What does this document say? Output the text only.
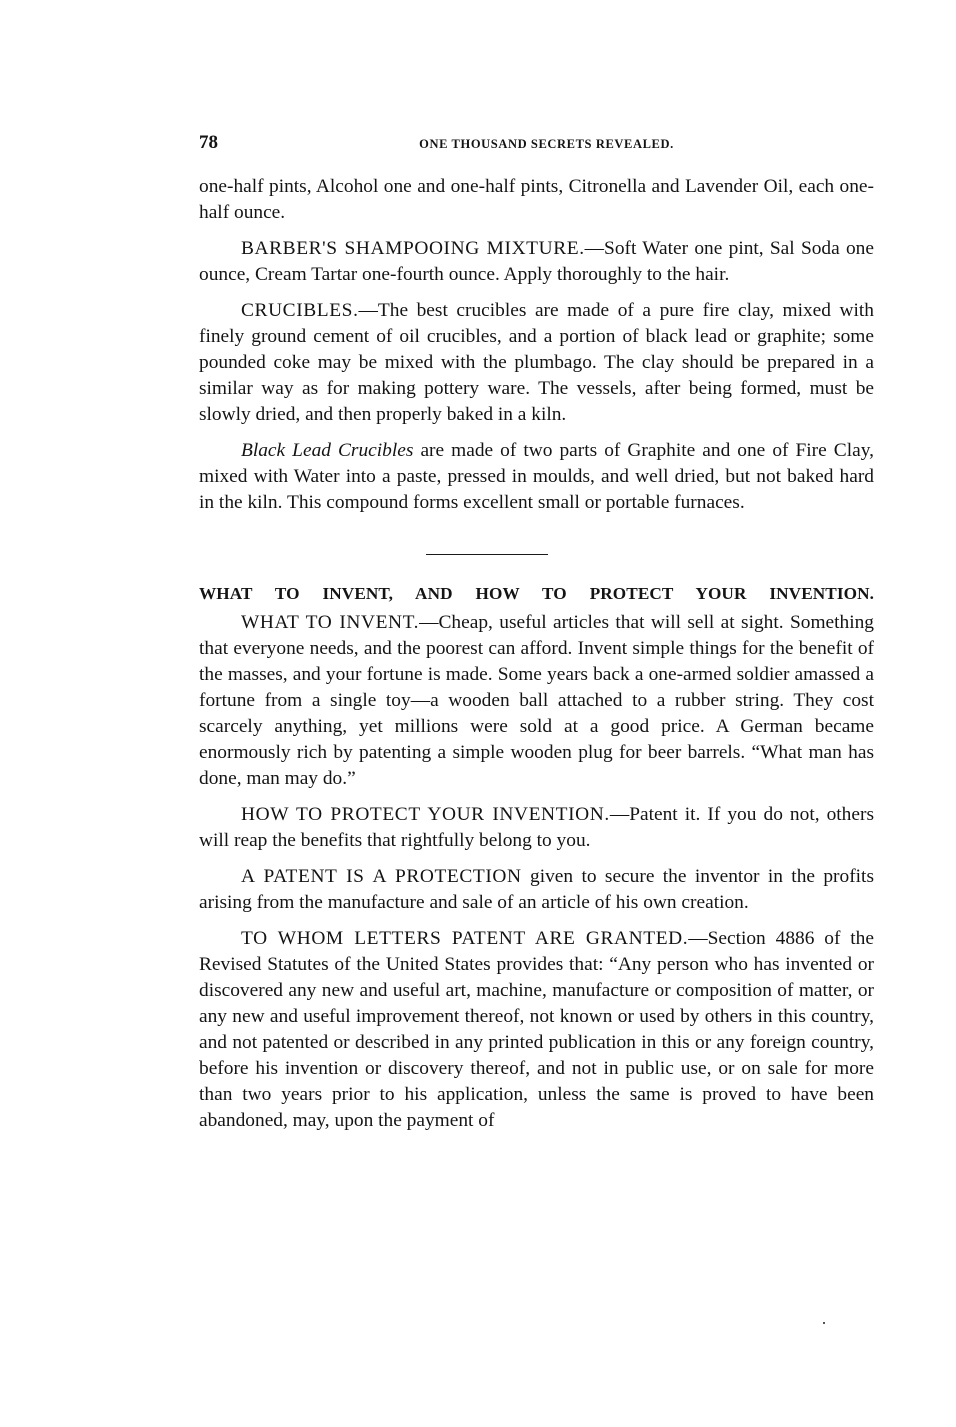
78	ONE THOUSAND SECRETS REVEALED.

one-half pints, Alcohol one and one-half pints, Citronella and Lavender Oil, each one-half ounce.

BARBER'S SHAMPOOING MIXTURE.—Soft Water one pint, Sal Soda one ounce, Cream Tartar one-fourth ounce. Apply thoroughly to the hair.

CRUCIBLES.—The best crucibles are made of a pure fire clay, mixed with finely ground cement of oil crucibles, and a portion of black lead or graphite; some pounded coke may be mixed with the plumbago. The clay should be prepared in a similar way as for making pottery ware. The vessels, after being formed, must be slowly dried, and then properly baked in a kiln.

Black Lead Crucibles are made of two parts of Graphite and one of Fire Clay, mixed with Water into a paste, pressed in moulds, and well dried, but not baked hard in the kiln. This compound forms excellent small or portable furnaces.

WHAT TO INVENT, AND HOW TO PROTECT YOUR INVENTION.

WHAT TO INVENT.—Cheap, useful articles that will sell at sight. Something that everyone needs, and the poorest can afford. Invent simple things for the benefit of the masses, and your fortune is made. Some years back a one-armed soldier amassed a fortune from a single toy—a wooden ball attached to a rubber string. They cost scarcely anything, yet millions were sold at a good price. A German became enormously rich by patenting a simple wooden plug for beer barrels. “What man has done, man may do.”

HOW TO PROTECT YOUR INVENTION.—Patent it. If you do not, others will reap the benefits that rightfully belong to you.

A PATENT IS A PROTECTION given to secure the inventor in the profits arising from the manufacture and sale of an article of his own creation.

TO WHOM LETTERS PATENT ARE GRANTED.—Section 4886 of the Revised Statutes of the United States provides that: “Any person who has invented or discovered any new and useful art, machine, manufacture or composition of matter, or any new and useful improvement thereof, not known or used by others in this country, and not patented or described in any printed publication in this or any foreign country, before his invention or discovery thereof, and not in public use, or on sale for more than two years prior to his application, unless the same is proved to have been abandoned, may, upon the payment of
